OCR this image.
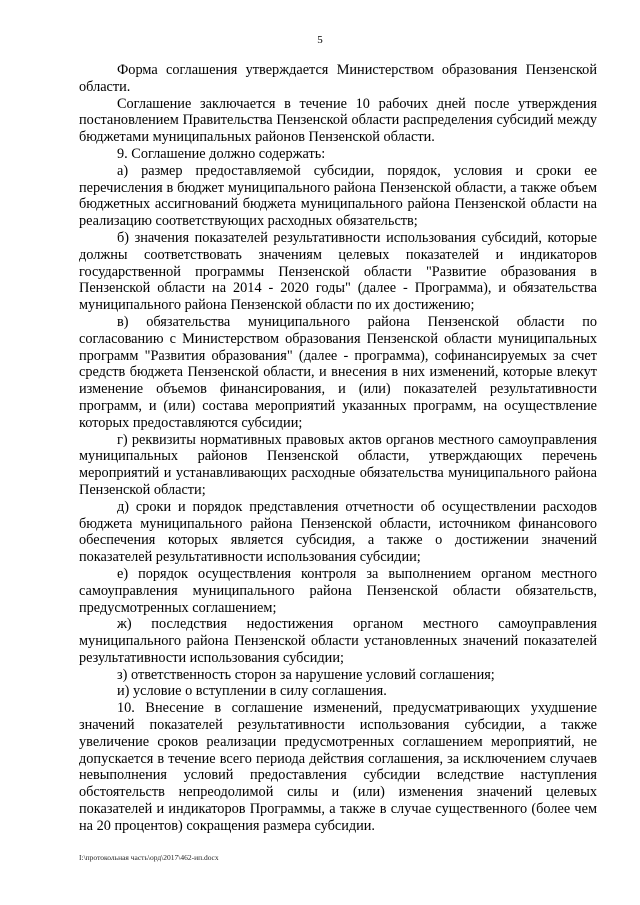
5

Форма соглашения утверждается Министерством образования Пензенской области.

Соглашение заключается в течение 10 рабочих дней после утверждения постановлением Правительства Пензенской области распределения субсидий между бюджетами муниципальных районов Пензенской области.

9. Соглашение должно содержать:

а) размер предоставляемой субсидии, порядок, условия и сроки ее перечисления в бюджет муниципального района Пензенской области, а также объем бюджетных ассигнований бюджета муниципального района Пензенской области на реализацию соответствующих расходных обязательств;

б) значения показателей результативности использования субсидий, которые должны соответствовать значениям целевых показателей и индикаторов государственной программы Пензенской области "Развитие образования в Пензенской области на 2014 - 2020 годы" (далее - Программа), и обязательства муниципального района Пензенской области по их достижению;

в) обязательства муниципального района Пензенской области по согласованию с Министерством образования Пензенской области муниципальных программ "Развития образования" (далее - программа), софинансируемых за счет средств бюджета Пензенской области, и внесения в них изменений, которые влекут изменение объемов финансирования, и (или) показателей результативности программ, и (или) состава мероприятий указанных программ, на осуществление которых предоставляются субсидии;

г) реквизиты нормативных правовых актов органов местного самоуправления муниципальных районов Пензенской области, утверждающих перечень мероприятий и устанавливающих расходные обязательства муниципального района Пензенской области;

д) сроки и порядок представления отчетности об осуществлении расходов бюджета муниципального района Пензенской области, источником финансового обеспечения которых является субсидия, а также о достижении значений показателей результативности использования субсидии;

е) порядок осуществления контроля за выполнением органом местного самоуправления муниципального района Пензенской области обязательств, предусмотренных соглашением;

ж) последствия недостижения органом местного самоуправления муниципального района Пензенской области установленных значений показателей результативности использования субсидии;

з) ответственность сторон за нарушение условий соглашения;

и) условие о вступлении в силу соглашения.

10. Внесение в соглашение изменений, предусматривающих ухудшение значений показателей результативности использования субсидии, а также увеличение сроков реализации предусмотренных соглашением мероприятий, не допускается в течение всего периода действия соглашения, за исключением случаев невыполнения условий предоставления субсидии вследствие наступления обстоятельств непреодолимой силы и (или) изменения значений целевых показателей и индикаторов Программы, а также в случае существенного (более чем на 20 процентов) сокращения размера субсидии.

I:\протокольная часть\орд\2017\462-ип.docx
